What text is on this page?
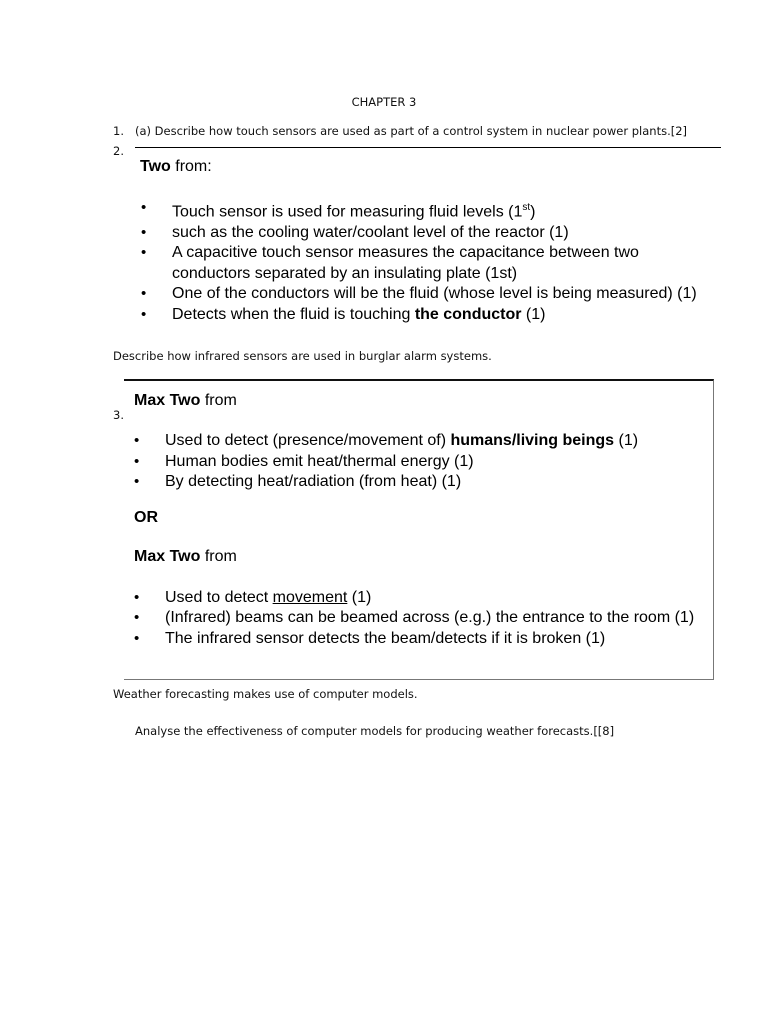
CHAPTER 3
1. (a) Describe how touch sensors are used as part of a control system in nuclear power plants.[2]
2.
Two from:
• Touch sensor is used for measuring fluid levels (1st)
• such as the cooling water/coolant level of the reactor (1)
• A capacitive touch sensor measures the capacitance between two conductors separated by an insulating plate (1st)
• One of the conductors will be the fluid (whose level is being measured) (1)
• Detects when the fluid is touching the conductor (1)
Describe how infrared sensors are used in burglar alarm systems.
Max Two from
• Used to detect (presence/movement of) humans/living beings (1)
• Human bodies emit heat/thermal energy (1)
• By detecting heat/radiation (from heat) (1)
OR
Max Two from
• Used to detect movement (1)
• (Infrared) beams can be beamed across (e.g.) the entrance to the room (1)
• The infrared sensor detects the beam/detects if it is broken (1)
3.
Weather forecasting makes use of computer models.
Analyse the effectiveness of computer models for producing weather forecasts.[[8]
